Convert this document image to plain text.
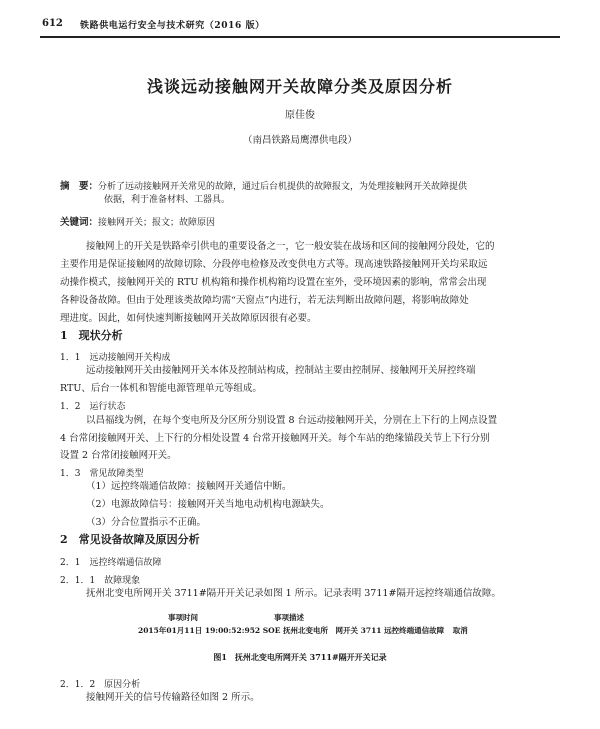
612 铁路供电运行安全与技术研究（2016 版）
浅谈远动接触网开关故障分类及原因分析
原佳俊
（南昌铁路局鹰潭供电段）
摘　要：分析了远动接触网开关常见的故障，通过后台机提供的故障报文，为处理接触网开关故障提供
依据，利于准备材料、工器具。
关键词：接触网开关；报文；故障原因
接触网上的开关是铁路牵引供电的重要设备之一，它一般安装在战场和区间的接触网分段处，它的
主要作用是保证接触网的故障切除、分段停电检修及改变供电方式等。现高速铁路接触网开关均采取远
动操作模式，接触网开关的 RTU 机构箱和操作机构箱均设置在室外，受环境因素的影响，常常会出现
各种设备故障。但由于处理该类故障均需“天窗点”内进行，若无法判断出故障问题，将影响故障处
理进度。因此，如何快速判断接触网开关故障原因很有必要。
1　现状分析
1．1　远动接触网开关构成
远动接触网开关由接触网开关本体及控制站构成，控制站主要由控制屏、接触网开关屏控终端
RTU、后台一体机和智能电源管理单元等组成。
1．2　运行状态
以昌福线为例，在每个变电所及分区所分别设置 8 台远动接触网开关，分别在上下行的上网点设置
4 台常闭接触网开关、上下行的分相处设置 4 台常开接触网开关。每个车站的绝缘锚段关节上下行分别
设置 2 台常闭接触网开关。
1．3　常见故障类型
（1）远控终端通信故障：接触网开关通信中断。
（2）电源故障信号：接触网开关当地电动机构电源缺失。
（3）分合位置指示不正确。
2　常见设备故障及原因分析
2．1　远控终端通信故障
2．1．1　故障现象
抚州北变电所网开关 3711#隔开开关记录如图 1 所示。记录表明 3711#隔开远控终端通信故障。
事项时间	事项描述
2015年01月11日 19:00:52:952 SOE 抚州北变电所　网开关 3711 远控终端通信故障 取消
图1　抚州北变电所网开关 3711#隔开开关记录
2．1．2　原因分析
接触网开关的信号传输路径如图 2 所示。
